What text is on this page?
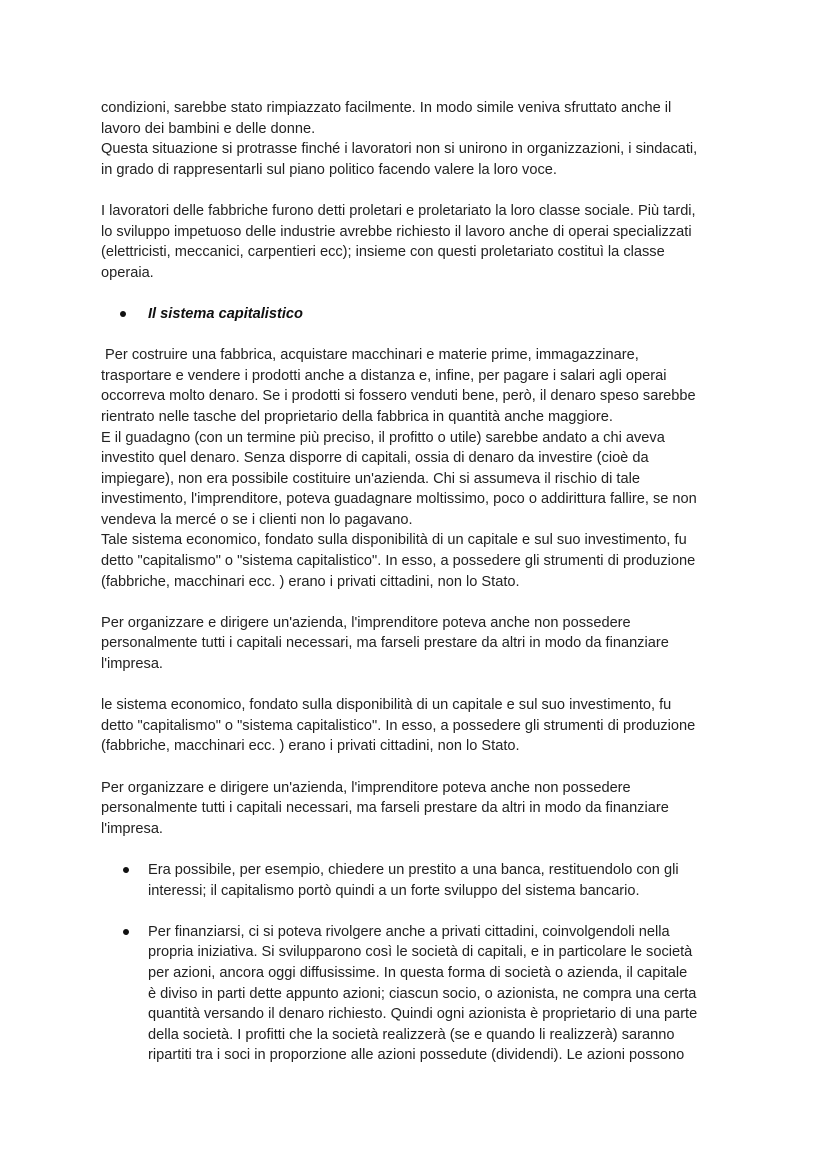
condizioni, sarebbe stato rimpiazzato facilmente. In modo simile veniva sfruttato anche il
lavoro dei bambini e delle donne.
Questa situazione si protrasse finché i lavoratori non si unirono in organizzazioni, i sindacati,
in grado di rappresentarli sul piano politico facendo valere la loro voce.

I lavoratori delle fabbriche furono detti proletari e proletariato la loro classe sociale. Più tardi,
lo sviluppo impetuoso delle industrie avrebbe richiesto il lavoro anche di operai specializzati
(elettricisti, meccanici, carpentieri ecc); insieme con questi proletariato costituì la classe
operaia.

Il sistema capitalistico

Per costruire una fabbrica, acquistare macchinari e materie prime, immagazzinare,
trasportare e vendere i prodotti anche a distanza e, infine, per pagare i salari agli operai
occorreva molto denaro. Se i prodotti si fossero venduti bene, però, il denaro speso sarebbe
rientrato nelle tasche del proprietario della fabbrica in quantità anche maggiore.
E il guadagno (con un termine più preciso, il profitto o utile) sarebbe andato a chi aveva
investito quel denaro. Senza disporre di capitali, ossia di denaro da investire (cioè da
impiegare), non era possibile costituire un'azienda. Chi si assumeva il rischio di tale
investimento, l'imprenditore, poteva guadagnare moltissimo, poco o addirittura fallire, se non
vendeva la mercé o se i clienti non lo pagavano.
Tale sistema economico, fondato sulla disponibilità di un capitale e sul suo investimento, fu
detto "capitalismo" o "sistema capitalistico". In esso, a possedere gli strumenti di produzione
(fabbriche, macchinari ecc. ) erano i privati cittadini, non lo Stato.

Per organizzare e dirigere un'azienda, l'imprenditore poteva anche non possedere
personalmente tutti i capitali necessari, ma farseli prestare da altri in modo da finanziare
l'impresa.

le sistema economico, fondato sulla disponibilità di un capitale e sul suo investimento, fu
detto "capitalismo" o "sistema capitalistico". In esso, a possedere gli strumenti di produzione
(fabbriche, macchinari ecc. ) erano i privati cittadini, non lo Stato.

Per organizzare e dirigere un'azienda, l'imprenditore poteva anche non possedere
personalmente tutti i capitali necessari, ma farseli prestare da altri in modo da finanziare
l'impresa.

Era possibile, per esempio, chiedere un prestito a una banca, restituendolo con gli
interessi; il capitalismo portò quindi a un forte sviluppo del sistema bancario.
Per finanziarsi, ci si poteva rivolgere anche a privati cittadini, coinvolgendoli nella
propria iniziativa. Si svilupparono così le società di capitali, e in particolare le società
per azioni, ancora oggi diffusissime. In questa forma di società o azienda, il capitale
è diviso in parti dette appunto azioni; ciascun socio, o azionista, ne compra una certa
quantità versando il denaro richiesto. Quindi ogni azionista è proprietario di una parte
della società. I profitti che la società realizzerà (se e quando li realizzerà) saranno
ripartiti tra i soci in proporzione alle azioni possedute (dividendi). Le azioni possono
